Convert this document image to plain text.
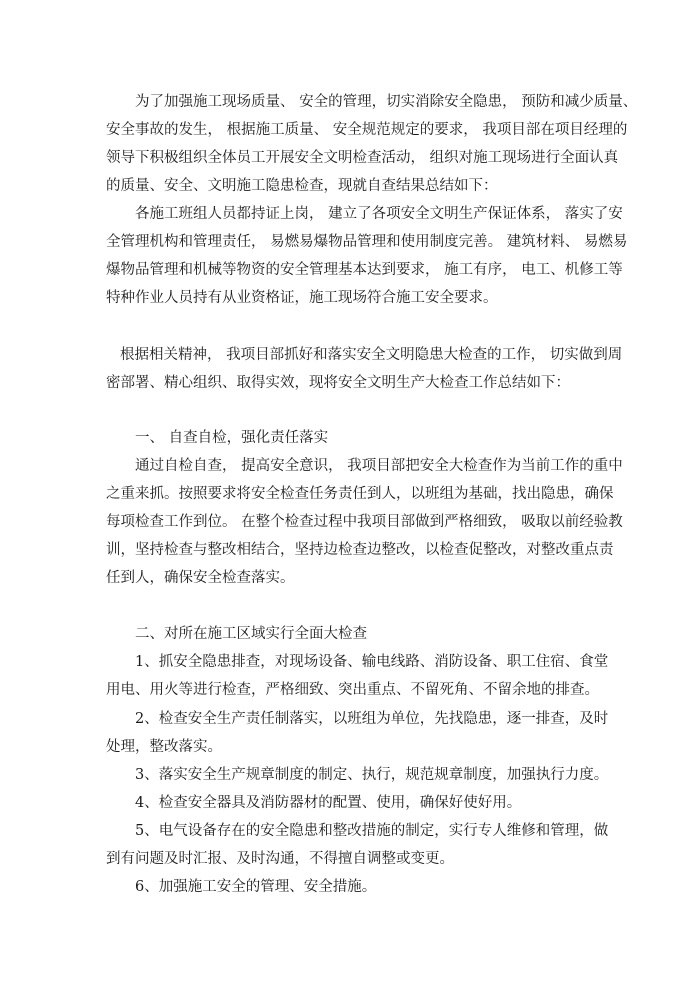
为了加强施工现场质量、 安全的管理，切实消除安全隐患， 预防和减少质量、

安全事故的发生， 根据施工质量、 安全规范规定的要求， 我项目部在项目经理的

领导下积极组织全体员工开展安全文明检查活动， 组织对施工现场进行全面认真

的质量、安全、文明施工隐患检查，现就自查结果总结如下：

各施工班组人员都持证上岗， 建立了各项安全文明生产保证体系， 落实了安

全管理机构和管理责任， 易燃易爆物品管理和使用制度完善。 建筑材料、 易燃易

爆物品管理和机械等物资的安全管理基本达到要求， 施工有序， 电工、机修工等

特种作业人员持有从业资格证，施工现场符合施工安全要求。

根据相关精神， 我项目部抓好和落实安全文明隐患大检查的工作， 切实做到周

密部署、精心组织、取得实效，现将安全文明生产大检查工作总结如下：

一、 自查自检，强化责任落实

通过自检自查， 提高安全意识， 我项目部把安全大检查作为当前工作的重中

之重来抓。按照要求将安全检查任务责任到人，以班组为基础，找出隐患，确保

每项检查工作到位。 在整个检查过程中我项目部做到严格细致， 吸取以前经验教

训，坚持检查与整改相结合，坚持边检查边整改，以检查促整改，对整改重点责

任到人，确保安全检查落实。

二、对所在施工区域实行全面大检查

1、抓安全隐患排查，对现场设备、输电线路、消防设备、职工住宿、食堂

用电、用火等进行检查，严格细致、突出重点、不留死角、不留余地的排查。

2、检查安全生产责任制落实，以班组为单位，先找隐患，逐一排查，及时

处理，整改落实。

3、落实安全生产规章制度的制定、执行，规范规章制度，加强执行力度。

4、检查安全器具及消防器材的配置、使用，确保好使好用。

5、电气设备存在的安全隐患和整改措施的制定，实行专人维修和管理，做

到有问题及时汇报、及时沟通，不得擅自调整或变更。

6、加强施工安全的管理、安全措施。
